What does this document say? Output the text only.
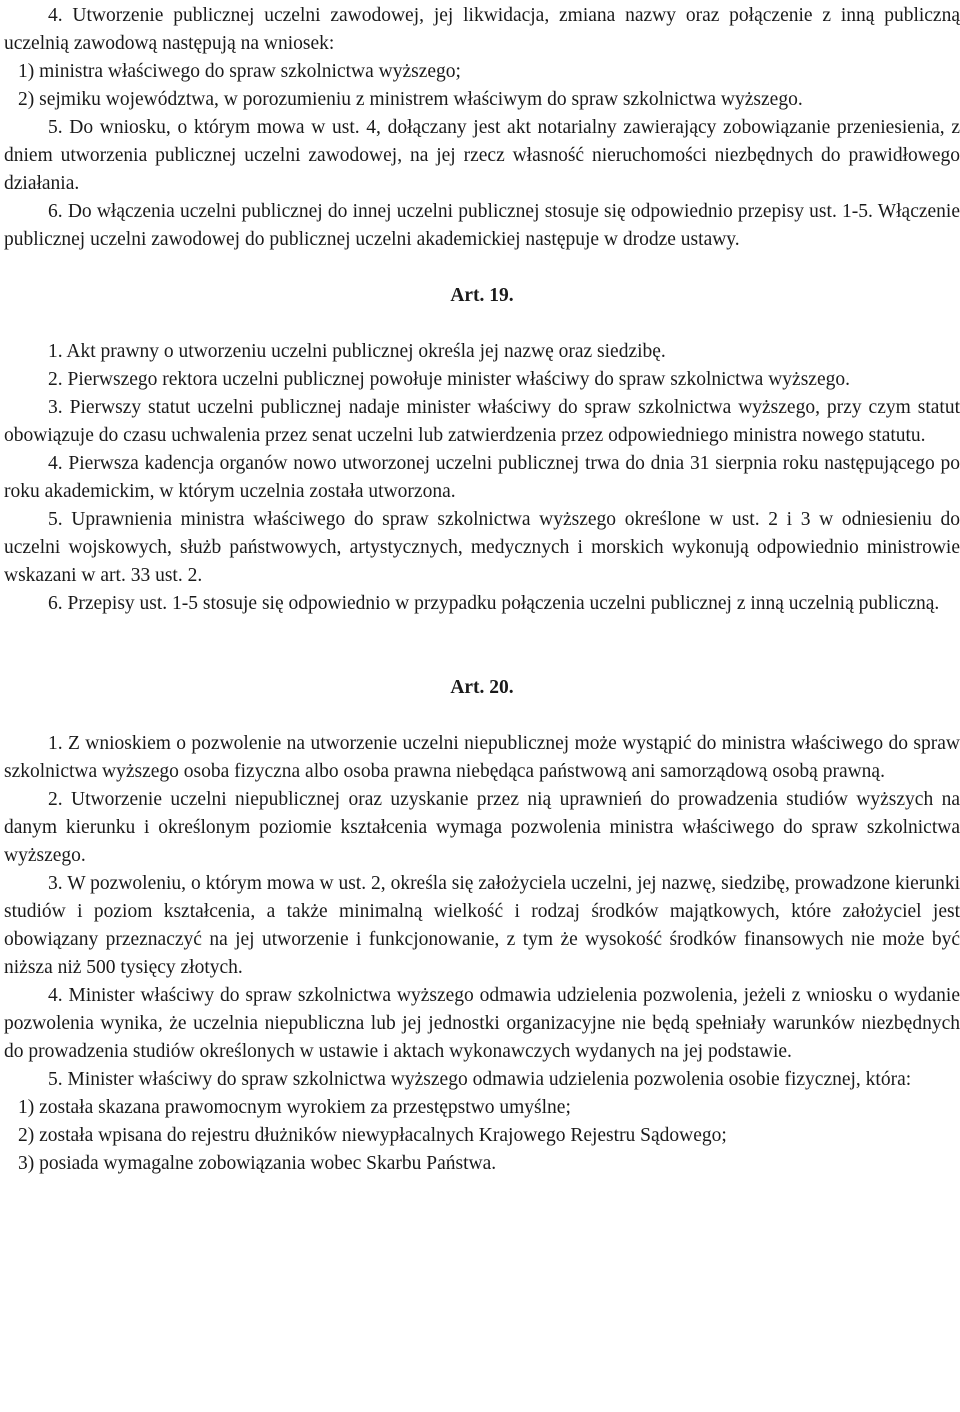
4. Utworzenie publicznej uczelni zawodowej, jej likwidacja, zmiana nazwy oraz połączenie z inną publiczną uczelnią zawodową następują na wniosek:

1) ministra właściwego do spraw szkolnictwa wyższego;

2) sejmiku województwa, w porozumieniu z ministrem właściwym do spraw szkolnictwa wyższego.

5. Do wniosku, o którym mowa w ust. 4, dołączany jest akt notarialny zawierający zobowiązanie przeniesienia, z dniem utworzenia publicznej uczelni zawodowej, na jej rzecz własność nieruchomości niezbędnych do prawidłowego działania.

6. Do włączenia uczelni publicznej do innej uczelni publicznej stosuje się odpowiednio przepisy ust. 1-5. Włączenie publicznej uczelni zawodowej do publicznej uczelni akademickiej następuje w drodze ustawy.

Art. 19.

1. Akt prawny o utworzeniu uczelni publicznej określa jej nazwę oraz siedzibę.

2. Pierwszego rektora uczelni publicznej powołuje minister właściwy do spraw szkolnictwa wyższego.

3. Pierwszy statut uczelni publicznej nadaje minister właściwy do spraw szkolnictwa wyższego, przy czym statut obowiązuje do czasu uchwalenia przez senat uczelni lub zatwierdzenia przez odpowiedniego ministra nowego statutu.

4. Pierwsza kadencja organów nowo utworzonej uczelni publicznej trwa do dnia 31 sierpnia roku następującego po roku akademickim, w którym uczelnia została utworzona.

5. Uprawnienia ministra właściwego do spraw szkolnictwa wyższego określone w ust. 2 i 3 w odniesieniu do uczelni wojskowych, służb państwowych, artystycznych, medycznych i morskich wykonują odpowiednio ministrowie wskazani w art. 33 ust. 2.

6. Przepisy ust. 1-5 stosuje się odpowiednio w przypadku połączenia uczelni publicznej z inną uczelnią publiczną.

Art. 20.

1. Z wnioskiem o pozwolenie na utworzenie uczelni niepublicznej może wystąpić do ministra właściwego do spraw szkolnictwa wyższego osoba fizyczna albo osoba prawna niebędąca państwową ani samorządową osobą prawną.

2. Utworzenie uczelni niepublicznej oraz uzyskanie przez nią uprawnień do prowadzenia studiów wyższych na danym kierunku i określonym poziomie kształcenia wymaga pozwolenia ministra właściwego do spraw szkolnictwa wyższego.

3. W pozwoleniu, o którym mowa w ust. 2, określa się założyciela uczelni, jej nazwę, siedzibę, prowadzone kierunki studiów i poziom kształcenia, a także minimalną wielkość i rodzaj środków majątkowych, które założyciel jest obowiązany przeznaczyć na jej utworzenie i funkcjonowanie, z tym że wysokość środków finansowych nie może być niższa niż 500 tysięcy złotych.

4. Minister właściwy do spraw szkolnictwa wyższego odmawia udzielenia pozwolenia, jeżeli z wniosku o wydanie pozwolenia wynika, że uczelnia niepubliczna lub jej jednostki organizacyjne nie będą spełniały warunków niezbędnych do prowadzenia studiów określonych w ustawie i aktach wykonawczych wydanych na jej podstawie.

5. Minister właściwy do spraw szkolnictwa wyższego odmawia udzielenia pozwolenia osobie fizycznej, która:

1) została skazana prawomocnym wyrokiem za przestępstwo umyślne;

2) została wpisana do rejestru dłużników niewypłacalnych Krajowego Rejestru Sądowego;

3) posiada wymagalne zobowiązania wobec Skarbu Państwa.
